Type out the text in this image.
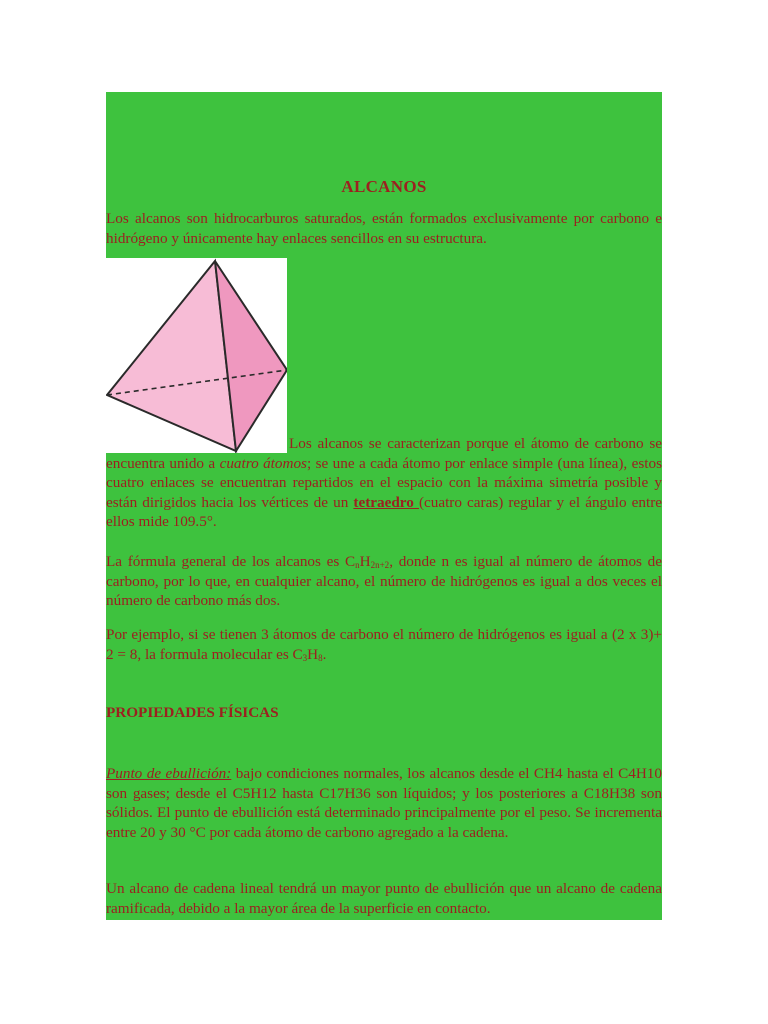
ALCANOS

Los alcanos son hidrocarburos saturados, están formados exclusivamente por carbono e hidrógeno y únicamente hay enlaces sencillos en su estructura.

Los alcanos se caracterizan porque el átomo de carbono se encuentra unido a cuatro átomos; se une a cada átomo por enlace simple (una línea), estos cuatro enlaces se encuentran repartidos en el espacio con la máxima simetría posible y están dirigidos hacia los vértices de un tetraedro (cuatro caras) regular y el ángulo entre ellos mide 109.5°.

La fórmula general de los alcanos es $C_nH_{2n+2}$, donde n es igual al número de átomos de carbono, por lo que, en cualquier alcano, el número de hidrógenos es igual a dos veces el número de carbono más dos.

Por ejemplo, si se tienen 3 átomos de carbono el número de hidrógenos es igual a (2 x 3)+ 2 = 8, la formula molecular es $C_3H_8$.

PROPIEDADES FÍSICAS

Punto de ebullición: bajo condiciones normales, los alcanos desde el CH4 hasta el C4H10 son gases; desde el C5H12 hasta C17H36 son líquidos; y los posteriores a C18H38 son sólidos. El punto de ebullición está determinado principalmente por el peso. Se incrementa entre 20 y 30 °C por cada átomo de carbono agregado a la cadena.

Un alcano de cadena lineal tendrá un mayor punto de ebullición que un alcano de cadena ramificada, debido a la mayor área de la superficie en contacto.
